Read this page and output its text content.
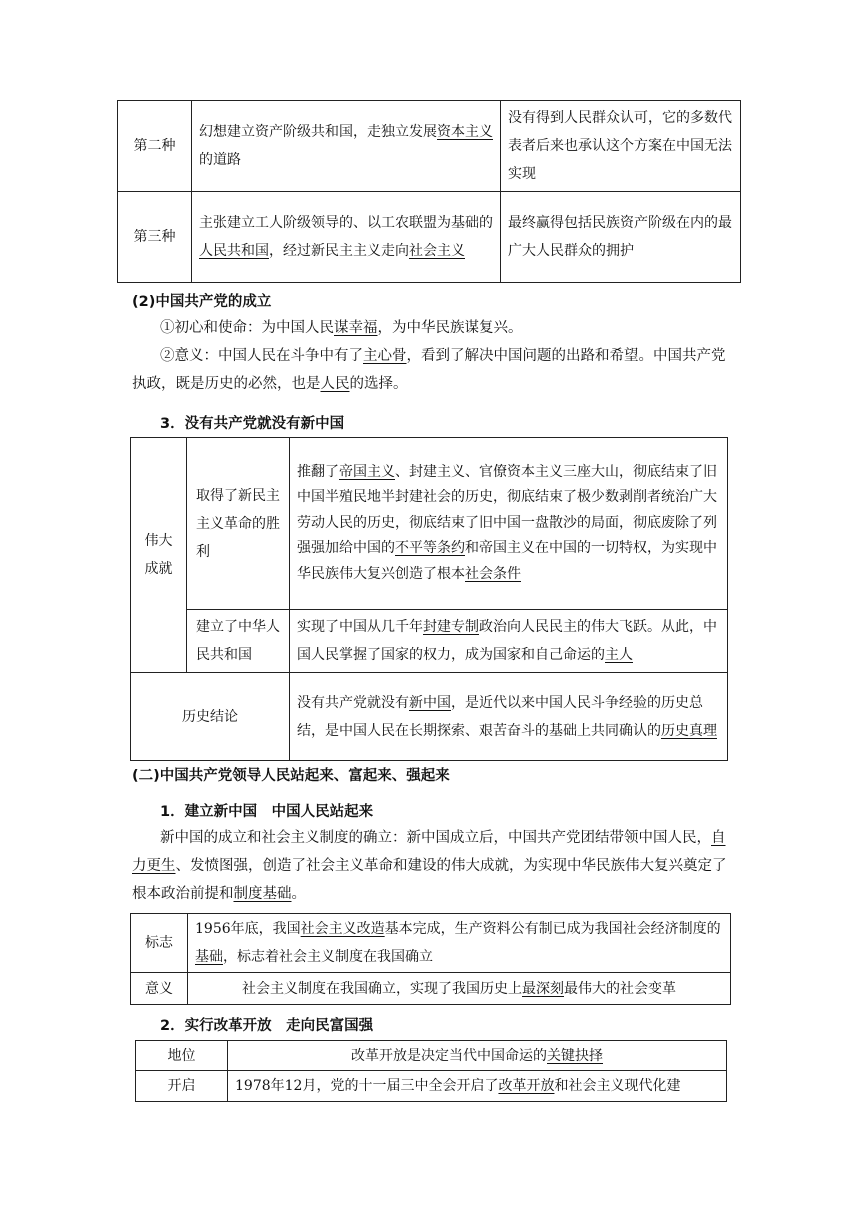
第二种	幻想建立资产阶级共和国，走独立发展资本主义的道路	没有得到人民群众认可，它的多数代表者后来也承认这个方案在中国无法实现
第三种	主张建立工人阶级领导的、以工农联盟为基础的人民共和国，经过新民主主义走向社会主义	最终赢得包括民族资产阶级在内的最广大人民群众的拥护

(2)中国共产党的成立

①初心和使命：为中国人民谋幸福，为中华民族谋复兴。

②意义：中国人民在斗争中有了主心骨，看到了解决中国问题的出路和希望。中国共产党执政，既是历史的必然，也是人民的选择。

3．没有共产党就没有新中国

伟大成就	取得了新民主主义革命的胜利	推翻了帝国主义、封建主义、官僚资本主义三座大山，彻底结束了旧中国半殖民地半封建社会的历史，彻底结束了极少数剥削者统治广大劳动人民的历史，彻底结束了旧中国一盘散沙的局面，彻底废除了列强强加给中国的不平等条约和帝国主义在中国的一切特权，为实现中华民族伟大复兴创造了根本社会条件
	建立了中华人民共和国	实现了中国从几千年封建专制政治向人民民主的伟大飞跃。从此，中国人民掌握了国家的权力，成为国家和自己命运的主人
历史结论		没有共产党就没有新中国，是近代以来中国人民斗争经验的历史总结，是中国人民在长期探索、艰苦奋斗的基础上共同确认的历史真理

(二)中国共产党领导人民站起来、富起来、强起来

1．建立新中国　中国人民站起来

新中国的成立和社会主义制度的确立：新中国成立后，中国共产党团结带领中国人民，自力更生、发愤图强，创造了社会主义革命和建设的伟大成就，为实现中华民族伟大复兴奠定了根本政治前提和制度基础。

标志	1956年底，我国社会主义改造基本完成，生产资料公有制已成为我国社会经济制度的基础，标志着社会主义制度在我国确立
意义	社会主义制度在我国确立，实现了我国历史上最深刻最伟大的社会变革

2．实行改革开放　走向民富国强

地位	改革开放是决定当代中国命运的关键抉择
开启	1978年12月，党的十一届三中全会开启了改革开放和社会主义现代化建
